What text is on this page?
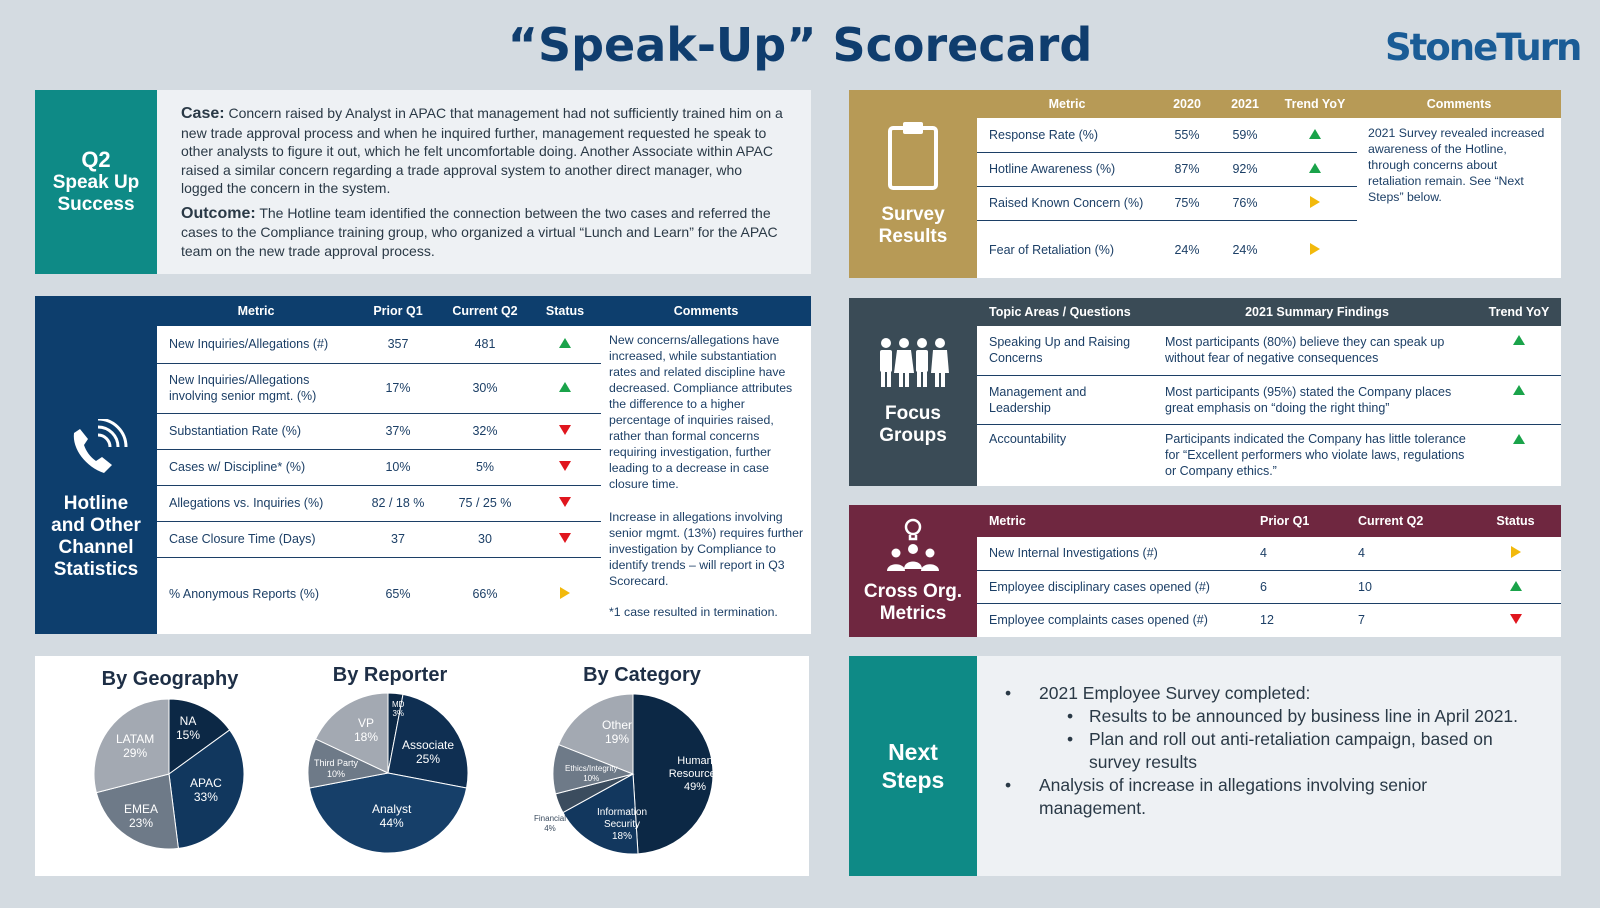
“Speak-Up” Scorecard	StoneTurn
Q2
Speak Up
Success

Case: Concern raised by Analyst in APAC that management had not sufficiently trained him on a new trade approval process and when he inquired further, management requested he speak to other analysts to figure it out, which he felt uncomfortable doing. Another Associate within APAC raised a similar concern regarding a trade approval system to another direct manager, who logged the concern in the system.

Outcome: The Hotline team identified the connection between the two cases and referred the cases to the Compliance training group, who organized a virtual “Lunch and Learn” for the APAC team on the new trade approval process.

Hotline
and Other
Channel
Statistics
Metric	Prior Q1	Current Q2	Status
New Inquiries/Allegations (#)	357	481	
New Inquiries/Allegations involving senior mgmt. (%)	17%	30%	
Substantiation Rate (%)	37%	32%	
Cases w/ Discipline* (%)	10%	5%	
Allegations vs. Inquiries (%)	82 / 18 %	75 / 25 %	
Case Closure Time (Days)	37	30	
% Anonymous Reports (%)	65%	66%	
Comments
New concerns/allegations have increased, while substantiation rates and related discipline have decreased. Compliance attributes the difference to a higher percentage of inquiries raised, rather than formal concerns requiring investigation, further leading to a decrease in case closure time.
Increase in allegations involving senior mgmt. (13%) requires further investigation by Compliance to identify trends – will report in Q3 Scorecard.
*1 case resulted in termination.
By Geography	By Reporter	By Category
NA
15%
APAC
33%
EMEA
23%
LATAM
29%
MD
3%
Associate
25%
Analyst
44%
Third Party
10%
VP
18%
Human Resources
49%
Information Security
18%
Financial
4%
Ethics/Integrity
10%
Other
19%
Survey
Results
Metric	2020	2021	Trend YoY
Response Rate (%)	55%	59%	
Hotline Awareness (%)	87%	92%	
Raised Known Concern (%)	75%	76%	
Fear of Retaliation (%)	24%	24%	
Comments
2021 Survey revealed increased awareness of the Hotline, through concerns about retaliation remain. See “Next Steps” below.
Focus
Groups
Topic Areas / Questions	2021 Summary Findings	Trend YoY
Speaking Up and Raising Concerns	Most participants (80%) believe they can speak up without fear of negative consequences	
Management and Leadership	Most participants (95%) stated the Company places great emphasis on “doing the right thing”	
Accountability	Participants indicated the Company has little tolerance for “Excellent performers who violate laws, regulations or Company ethics.”	
Cross Org.
Metrics
Metric	Prior Q1	Current Q2	Status
New Internal Investigations (#)	4	4	
Employee disciplinary cases opened (#)	6	10	
Employee complaints cases opened (#)	12	7	
Next
Steps
•	2021 Employee Survey completed:
• Results to be announced by business line in April 2021.
• Plan and roll out anti-retaliation campaign, based on survey results
•	Analysis of increase in allegations involving senior management.
